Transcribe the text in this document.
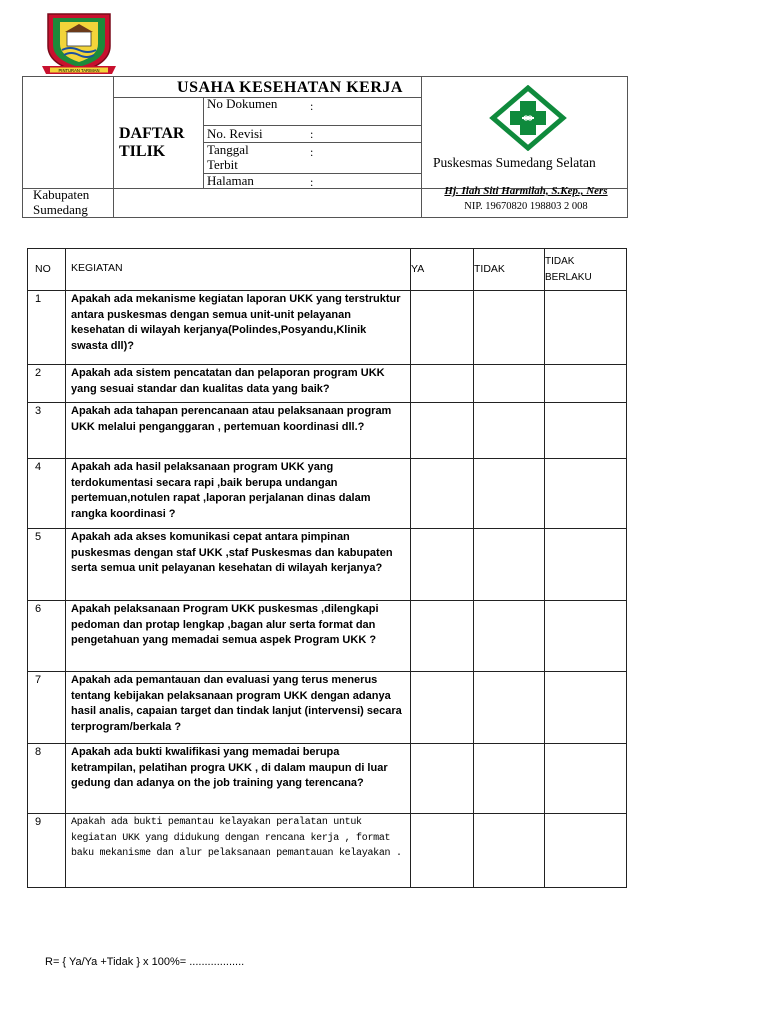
PINTURAN TARIMAN
USAHA KESEHATAN KERJA
DAFTAR
TILIK
No Dokumen	:
No. Revisi	:
Tanggal
Terbit
:
Halaman	:
Kabupaten
Sumedang
Puskesmas Sumedang Selatan
Hj. Ilah Siti Harmilah, S.Kep., Ners
NIP. 19670820 198803 2 008
NO	KEGIATAN	YA	TIDAK	TIDAK
BERLAKU

1	Apakah ada mekanisme kegiatan laporan UKK yang terstruktur antara puskesmas dengan semua unit-unit pelayanan kesehatan di wilayah kerjanya(Polindes,Posyandu,Klinik swasta dll)?			

2	Apakah ada sistem pencatatan dan pelaporan program UKK yang sesuai standar dan kualitas data yang baik?			

3	Apakah ada tahapan perencanaan atau pelaksanaan program UKK melalui penganggaran , pertemuan koordinasi dll.?			

4	Apakah ada hasil pelaksanaan program UKK yang terdokumentasi secara rapi ,baik berupa undangan pertemuan,notulen rapat ,laporan perjalanan dinas dalam rangka koordinasi ?			

5	Apakah ada akses komunikasi cepat antara pimpinan puskesmas dengan staf UKK ,staf Puskesmas dan kabupaten serta semua unit pelayanan kesehatan di wilayah kerjanya?			

6	Apakah pelaksanaan Program UKK puskesmas ,dilengkapi pedoman dan protap lengkap ,bagan alur serta format dan pengetahuan yang memadai semua aspek Program UKK ?			

7	Apakah ada pemantauan dan evaluasi yang terus menerus tentang kebijakan pelaksanaan program UKK dengan adanya hasil analis, capaian target dan tindak lanjut (intervensi) secara terprogram/berkala ?			

8	Apakah ada bukti kwalifikasi yang memadai berupa ketrampilan, pelatihan progra UKK , di dalam maupun di luar gedung dan adanya on the job training yang terencana?			

9	Apakah ada bukti pemantau kelayakan peralatan untuk kegiatan UKK yang didukung dengan rencana kerja , format baku mekanisme dan alur pelaksanaan pemantauan kelayakan .			
R= { Ya/Ya +Tidak } x 100%= ..................
